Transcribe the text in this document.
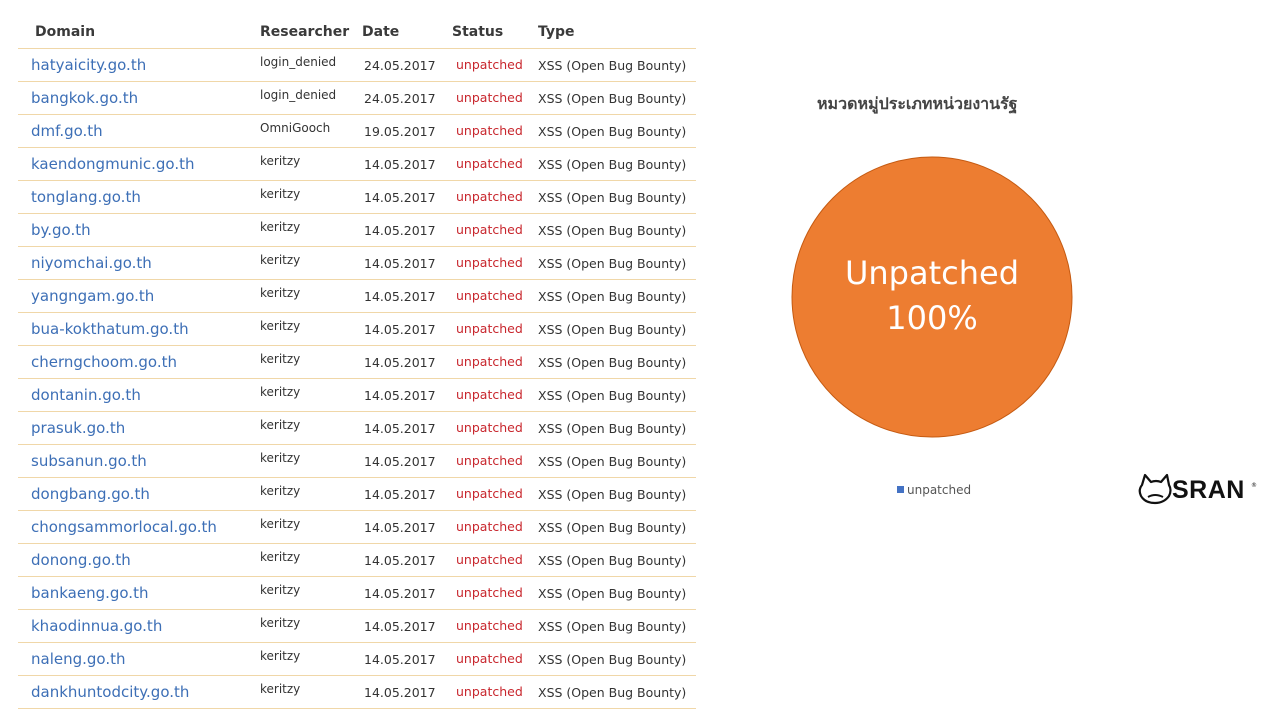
Domain	Researcher Date	Status Type
hatyaicity.go.th	login_denied 24.05.2017 unpatched XSS (Open Bug Bounty)
bangkok.go.th	login_denied 24.05.2017 unpatched XSS (Open Bug Bounty)
dmf.go.th	OmniGooch	19.05.2017 unpatched XSS (Open Bug Bounty)
kaendongmunic.go.th	keritzy	14.05.2017 unpatched XSS (Open Bug Bounty)
tonglang.go.th	keritzy	14.05.2017 unpatched XSS (Open Bug Bounty)
by.go.th	keritzy	14.05.2017 unpatched XSS (Open Bug Bounty)
niyomchai.go.th	keritzy	14.05.2017 unpatched XSS (Open Bug Bounty)
yangngam.go.th	keritzy	14.05.2017 unpatched XSS (Open Bug Bounty)
bua-kokthatum.go.th	keritzy	14.05.2017 unpatched XSS (Open Bug Bounty)
cherngchoom.go.th	keritzy	14.05.2017 unpatched XSS (Open Bug Bounty)
dontanin.go.th	keritzy	14.05.2017 unpatched XSS (Open Bug Bounty)
prasuk.go.th	keritzy	14.05.2017 unpatched XSS (Open Bug Bounty)
subsanun.go.th	keritzy	14.05.2017 unpatched XSS (Open Bug Bounty)
dongbang.go.th	keritzy	14.05.2017 unpatched XSS (Open Bug Bounty)
chongsammorlocal.go.th	keritzy	14.05.2017 unpatched XSS (Open Bug Bounty)
donong.go.th	keritzy	14.05.2017 unpatched XSS (Open Bug Bounty)
bankaeng.go.th	keritzy	14.05.2017 unpatched XSS (Open Bug Bounty)
khaodinnua.go.th	keritzy	14.05.2017 unpatched XSS (Open Bug Bounty)
naleng.go.th	keritzy	14.05.2017 unpatched XSS (Open Bug Bounty)
dankhuntodcity.go.th	keritzy	14.05.2017 unpatched XSS (Open Bug Bounty)
หมวดหมู่ประเภทหน่วยงานรัฐ
Unpatched
100%
unpatched	SRAN ®
